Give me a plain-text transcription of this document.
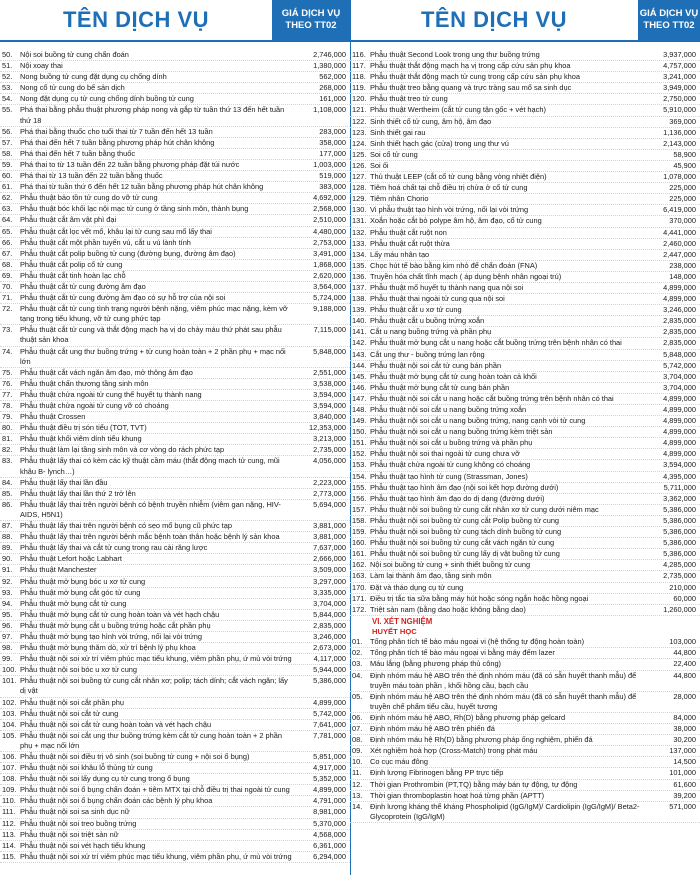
TÊN DỊCH VỤ	GIÁ DỊCH VỤ
THEO TT02
50.	Nội soi buồng tử cung chẩn đoán	2,746,000
51.	Nội xoay thai	1,380,000
52.	Nong buồng tử cung đặt dụng cụ chống dính	562,000
53.	Nong cổ tử cung do bế sản dịch	268,000
54.	Nong đặt dụng cụ tử cung chống dính buồng tử cung	161,000
55.	Phá thai bằng phẫu thuật phương pháp nong và gắp từ tuần thứ 13 đến hết tuần thứ 18
1,108,000
56.	Phá thai bằng thuốc cho tuổi thai từ 7 tuần đến hết 13 tuần	283,000
57.	Phá thai đến hết 7 tuần bằng phương pháp hút chân không	358,000
58.	Phá thai đến hết 7 tuần bằng thuốc	177,000
59.	Phá thai to từ 13 tuần đến 22 tuần bằng phương pháp đặt túi nước	1,003,000
60.	Phá thai từ 13 tuần đến 22 tuần bằng thuốc	519,000
61.	Phá thai từ tuần thứ 6 đến hết 12 tuần bằng phương pháp hút chân không	383,000
62.	Phẫu thuật bảo tồn tử cung do vỡ tử cung	4,692,000
63.	Phẫu thuật bóc khối lạc nội mạc tử cung ở tầng sinh môn, thành bụng	2,568,000
64.	Phẫu thuật cắt âm vật phì đại	2,510,000
65.	Phẫu thuật cắt lọc vết mổ, khâu lại tử cung sau mổ lấy thai	4,480,000
66.	Phẫu thuật cắt một phần tuyến vú, cắt u vú lành tính	2,753,000
67.	Phẫu thuật cắt polip buồng tử cung (đường bụng, đường âm đạo)	3,491,000
68.	Phẫu thuật cắt polip cổ tử cung	1,868,000
69.	Phẫu thuật cắt tinh hoàn lạc chỗ	2,620,000
70.	Phẫu thuật cắt tử cung đường âm đạo	3,564,000
71.	Phẫu thuật cắt tử cung đường âm đạo có sự hỗ trợ của nội soi	5,724,000
72.	Phẫu thuật cắt tử cung tình trạng người bệnh nặng, viêm phúc mạc nặng, kèm vỡ tạng trong tiểu khung, vỡ tử cung phức tạp
9,188,000
73.	Phẫu thuật cắt tử cung và thắt động mạch hạ vị do chảy máu thứ phát sau phẫu thuật sản khoa
7,115,000
74.	Phẫu thuật cắt ung thư buồng trứng + tử cung hoàn toàn + 2 phần phụ + mạc nối lớn
5,848,000
75.	Phẫu thuật cắt vách ngăn âm đạo, mở thông âm đạo	2,551,000
76.	Phẫu thuật chấn thương tầng sinh môn	3,538,000
77.	Phẫu thuật chửa ngoài tử cung thể huyết tụ thành nang	3,594,000
78.	Phẫu thuật chửa ngoài tử cung vỡ có choáng	3,594,000
79.	Phẫu thuật Crossen	3,840,000
80.	Phẫu thuật điều trị són tiểu (TOT, TVT)	12,353,000
81.	Phẫu thuật khối viêm dính tiểu khung	3,213,000
82.	Phẫu thuật làm lại tầng sinh môn và cơ vòng do rách phức tạp	2,735,000
83.	Phẫu thuật lấy thai có kèm các kỹ thuật cầm máu (thắt động mạch tử cung, mũi khâu B- lynch…)
4,056,000
84.	Phẫu thuật lấy thai lần đầu	2,223,000
85.	Phẫu thuật lấy thai lần thứ 2 trở lên	2,773,000
86.	Phẫu thuật lấy thai trên người bệnh có bệnh truyền nhiễm (viêm gan nặng, HIV-AIDS, H5N1)
5,694,000
87.	Phẫu thuật lấy thai trên người bệnh có sẹo mổ bụng cũ phức tạp	3,881,000
88.	Phẫu thuật lấy thai trên người bệnh mắc bệnh toàn thân hoặc bệnh lý sản khoa	3,881,000
89.	Phẫu thuật lấy thai và cắt tử cung trong rau cài răng lược	7,637,000
90.	Phẫu thuật Lefort hoặc Labhart	2,666,000
91.	Phẫu thuật Manchester	3,509,000
92.	Phẫu thuật mở bụng bóc u xơ tử cung	3,297,000
93.	Phẫu thuật mở bụng cắt góc tử cung	3,335,000
94.	Phẫu thuật mở bụng cắt tử cung	3,704,000
95.	Phẫu thuật mở bụng cắt tử cung hoàn toàn và vét hạch chậu	5,844,000
96.	Phẫu thuật mở bụng cắt u buồng trứng hoặc cắt phần phụ	2,835,000
97.	Phẫu thuật mở bụng tạo hình vòi trứng, nối lại vòi trứng	3,246,000
98.	Phẫu thuật mở bụng thăm dò, xử trí bệnh lý phụ khoa	2,673,000
99.	Phẫu thuật nội soi xử trí viêm phúc mạc tiểu khung, viêm phần phụ, ứ mủ vòi trứng	4,117,000
100. Phẫu thuật nội soi bóc u xơ tử cung	5,944,000
101. Phẫu thuật nội soi buồng tử cung cắt nhân xơ; polip; tách dính; cắt vách ngăn; lấy dị vật
5,386,000
102. Phẫu thuật nội soi cắt phần phụ	4,899,000
103. Phẫu thuật nội soi cắt tử cung	5,742,000
104. Phẫu thuật nội soi cắt tử cung hoàn toàn và vét hạch chậu	7,641,000
105. Phẫu thuật nội soi cắt ung thư buồng trứng kèm cắt tử cung hoàn toàn + 2 phần phụ + mạc nối lớn
7,781,000
106. Phẫu thuật nội soi điều trị vô sinh (soi buồng tử cung + nội soi ổ bụng)	5,851,000
107. Phẫu thuật nội soi khâu lỗ thủng tử cung	4,917,000
108. Phẫu thuật nội soi lấy dụng cụ tử cung trong ổ bụng	5,352,000
109. Phẫu thuật nội soi ổ bụng chẩn đoán + tiêm MTX tại chỗ điều trị thai ngoài tử cung	4,899,000
110. Phẫu thuật nội soi ổ bụng chẩn đoán các bệnh lý phụ khoa	4,791,000
111. Phẫu thuật nội soi sa sinh dục nữ	8,981,000
112. Phẫu thuật nội soi treo buồng trứng	5,370,000
113. Phẫu thuật nội soi triệt sản nữ	4,568,000
114. Phẫu thuật nội soi vét hạch tiểu khung	6,361,000
115. Phẫu thuật nội soi xử trí viêm phúc mạc tiểu khung, viêm phần phụ, ứ mủ vòi trứng	6,294,000
TÊN DỊCH VỤ	GIÁ DỊCH VỤ
THEO TT02
116. Phẫu thuật Second Look trong ung thư buồng trứng	3,937,000
117. Phẫu thuật thắt động mạch hạ vị trong cấp cứu sản phụ khoa	4,757,000
118. Phẫu thuật thắt động mạch tử cung trong cấp cứu sản phụ khoa	3,241,000
119. Phẫu thuật treo bằng quang và trực tràng sau mổ sa sinh dục	3,949,000
120. Phẫu thuật treo tử cung	2,750,000
121. Phẫu thuật Wertheim (cắt tử cung tận gốc + vét hạch)	5,910,000
122. Sinh thiết cổ tử cung, âm hộ, âm đạo	369,000
123. Sinh thiết gai rau	1,136,000
124. Sinh thiết hạch gác (cửa) trong ung thư vú	2,143,000
125. Soi cổ tử cung	58,900
126. Soi ối	45,900
127. Thủ thuật LEEP (cắt cổ tử cung bằng vòng nhiệt điện)	1,078,000
128. Tiêm hoá chất tại chỗ điều trị chửa ở cổ tử cung	225,000
129. Tiêm nhân Chorio	225,000
130. Vi phẫu thuật tạo hình vòi trứng, nối lại vòi trứng	6,419,000
131. Xoắn hoặc cắt bỏ polype âm hộ, âm đạo, cổ tử cung	370,000
132. Phẫu thuật cắt ruột non	4,441,000
133. Phẫu thuật cắt ruột thừa	2,460,000
134. Lấy máu nhân tạo	2,447,000
135. Chọc hút tế bào bằng kim nhỏ để chẩn đoán (FNA)	238,000
136. Truyền hóa chất tĩnh mạch ( áp dụng bệnh nhân ngoại trú)	148,000
137. Phẫu thuật mổ huyết tụ thành nang qua nội soi	4,899,000
138. Phẫu thuật thai ngoài tử cung qua nội soi	4,899,000
139. Phẫu thuật cắt u xơ tử cung	3,246,000
140. Phẫu thuật cắt u buồng trứng xoắn	2,835,000
141. Cắt u nang buồng trứng và phần phụ	2,835,000
142. Phẫu thuật mở bụng cắt u nang hoặc cắt buồng trứng trên bệnh nhân có thai	2,835,000
143. Cắt ung thư - buồng trứng lan rộng	5,848,000
144. Phẫu thuật nội soi cắt tử cung bán phần	5,742,000
145. Phẫu thuật mở bụng cắt tử cung hoàn toàn cả khối	3,704,000
146. Phẫu thuật mở bụng cắt tử cung bán phần	3,704,000
147. Phẫu thuật nội soi cắt u nang hoặc cắt buồng trứng trên bệnh nhân có thai	4,899,000
148. Phẫu thuật nội soi cắt u nang buồng trứng xoắn	4,899,000
149. Phẫu thuật nội soi cắt u nang buồng trứng, nang cạnh vòi tử cung	4,899,000
150. Phẫu thuật nội soi cắt u nang buồng trứng kèm triệt sản	4,899,000
151. Phẫu thuật nội soi cắt u buồng trứng và phần phụ	4,899,000
152. Phẫu thuật nội soi thai ngoài tử cung chưa vỡ	4,899,000
153. Phẫu thuật chửa ngoài tử cung không có choáng	3,594,000
154. Phẫu thuật tạo hình tử cung (Strassman, Jones)	4,395,000
155. Phẫu thuật tạo hình âm đạo (nội soi kết hợp đường dưới)	5,711,000
156. Phẫu thuật tạo hình âm đạo do dị dạng (đường dưới)	3,362,000
157. Phẫu thuật nội soi buồng tử cung cắt nhân xơ tử cung dưới niêm mạc	5,386,000
158. Phẫu thuật nội soi buồng tử cung cắt Polip buồng tử cung	5,386,000
159. Phẫu thuật nội soi buồng tử cung tách dính buồng tử cung	5,386,000
160. Phẫu thuật nội soi buồng tử cung cắt vách ngăn tử cung	5,386,000
161. Phẫu thuật nội soi buồng tử cung lấy dị vật buồng tử cung	5,386,000
162. Nội soi buồng tử cung + sinh thiết buồng tử cung	4,285,000
163. Làm lại thành âm đạo, tầng sinh môn	2,735,000
170. Đặt và tháo dụng cụ tử cung	210,000
171. Điều trị tắc tia sữa bằng máy hút hoặc sóng ngắn hoặc hồng ngoại	60,000
172. Triệt sản nam (bằng dao hoặc không bằng dao)	1,260,000
VI. XÉT NGHIỆM
HUYẾT HỌC
01.	Tổng phân tích tế bào máu ngoại vi (hệ thống tự động hoàn toàn)	103,000
02.	Tổng phân tích tế bào máu ngoại vi bằng máy đếm lazer	44,800
03.	Máu lắng (bằng phương pháp thủ công)	22,400
04.	Định nhóm máu hệ ABO trên thẻ định nhóm máu (đã có sẵn huyết thanh mẫu) để truyền máu toàn phần , khối hồng cầu, bạch cầu
44,800
05.	Định nhóm máu hệ ABO trên thẻ định nhóm máu (đã có sẵn huyết thanh mẫu) để truyền chế phẩm tiểu cầu, huyết tương
28,000
06.	Định nhóm máu hệ ABO, Rh(D) bằng phương pháp gelcard	84,000
07.	Định nhóm máu hệ ABO trên phiến đá	38,000
08.	Định nhóm máu hệ Rh(D) bằng phương pháp ống nghiệm, phiến đá	30,200
09.	Xét nghiệm hoà hợp (Cross-Match) trong phát máu	137,000
10.	Co cục máu đông	14,500
11.	Định lượng Fibrinogen bằng PP trực tiếp	101,000
12.	Thời gian Prothrombin (PT,TQ) bằng máy bán tự động, tự động	61,600
13.	Thời gian thromboplastin hoạt hoá từng phần (APTT)	39,200
14.	Định lượng kháng thể kháng Phospholipid (IgG/IgM)/ Cardiolipin (IgG/IgM)/ Beta2-Glycoprotein (IgG/IgM)
571,000
